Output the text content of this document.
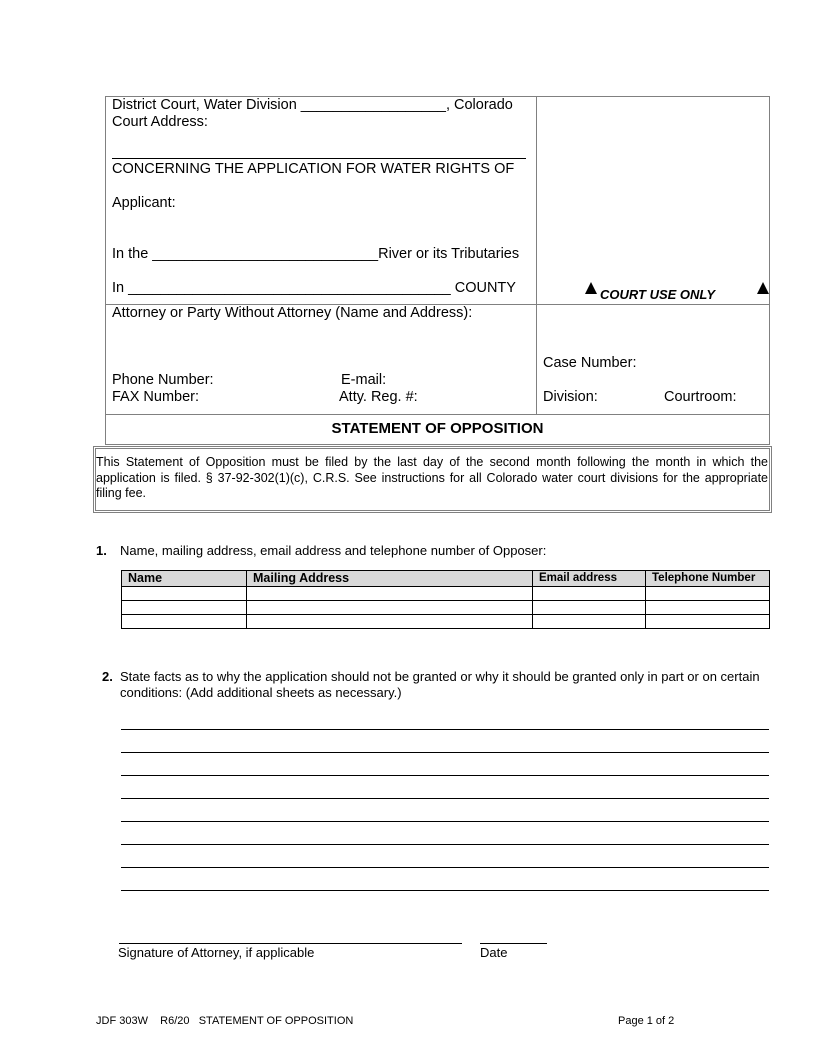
District Court, Water Division __________________, Colorado
Court Address:
CONCERNING THE APPLICATION FOR WATER RIGHTS OF
Applicant:
In the ____________________________River or its Tributaries
In ________________________________________ COUNTY	COURT USE ONLY
Attorney or Party Without Attorney (Name and Address):
Phone Number:	E-mail:
FAX Number:	Atty. Reg. #:
Case Number:
Division:	Courtroom:
STATEMENT OF OPPOSITION
This Statement of Opposition must be filed by the last day of the second month following the month in which the application is filed. § 37-92-302(1)(c), C.R.S. See instructions for all Colorado water court divisions for the appropriate filing fee.
1. Name, mailing address, email address and telephone number of Opposer:
Name	Mailing Address	Email address	Telephone Number

2. State facts as to why the application should not be granted or why it should be granted only in part or on certain
conditions: (Add additional sheets as necessary.)
Signature of Attorney, if applicable	Date
JDF 303W    R6/20   STATEMENT OF OPPOSITION	Page 1 of 2
